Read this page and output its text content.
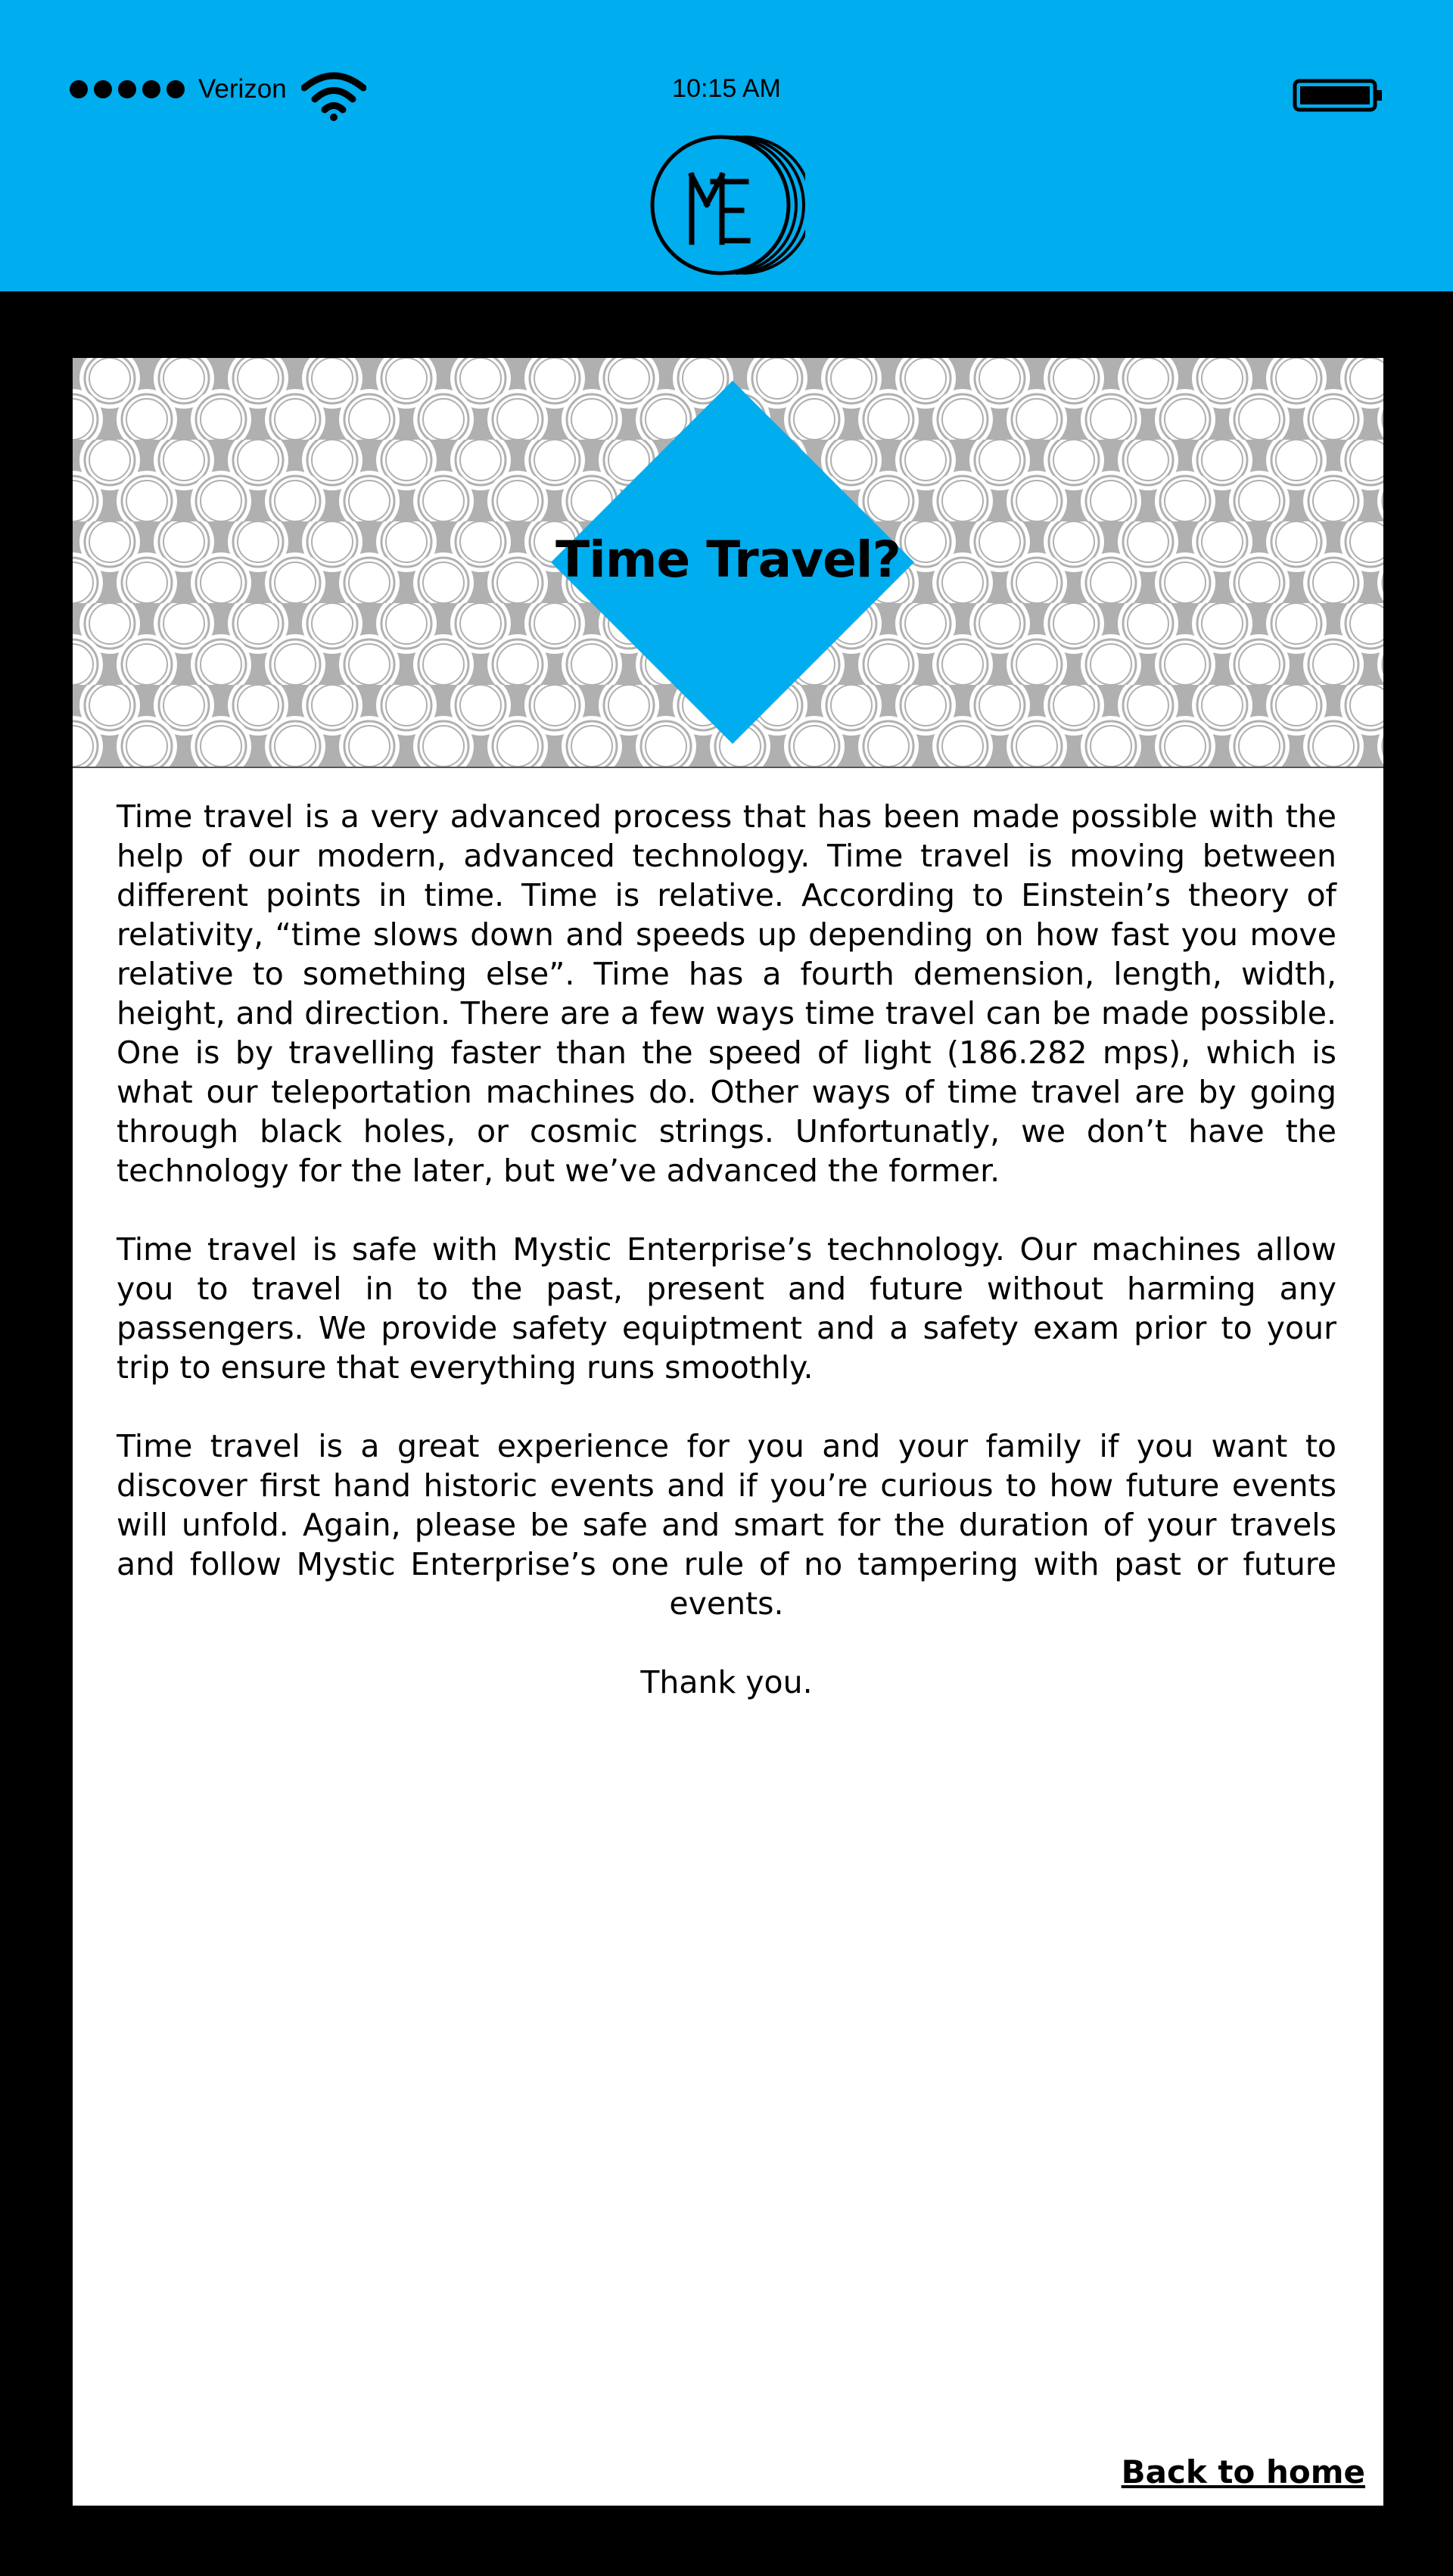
Verizon	10:15 AM
Time Travel?

Time travel is a very advanced process that has been made possible with the help of our modern, advanced technology. Time travel is moving between different points in time. Time is relative. According to Einstein’s theory of relativity, “time slows down and speeds up depending on how fast you move relative to something else”. Time has a fourth demension, length, width, height, and direction. There are a few ways time travel can be made possible. One is by travelling faster than the speed of light (186.282 mps), which is what our teleportation machines do. Other ways of time travel are by going through black holes, or cosmic strings. Unfortunatly, we don’t have the technology for the later, but we’ve advanced the former.

Time travel is safe with Mystic Enterprise’s technology. Our machines allow you to travel in to the past, present and future without harming any passengers. We provide safety equiptment and a safety exam prior to your trip to ensure that everything runs smoothly.

Time travel is a great experience for you and your family if you want to discover first hand historic events and if you’re curious to how future events will unfold. Again, please be safe and smart for the duration of your travels and follow Mystic Enterprise’s one rule of no tampering with past or future events.

Thank you.

Back to home
